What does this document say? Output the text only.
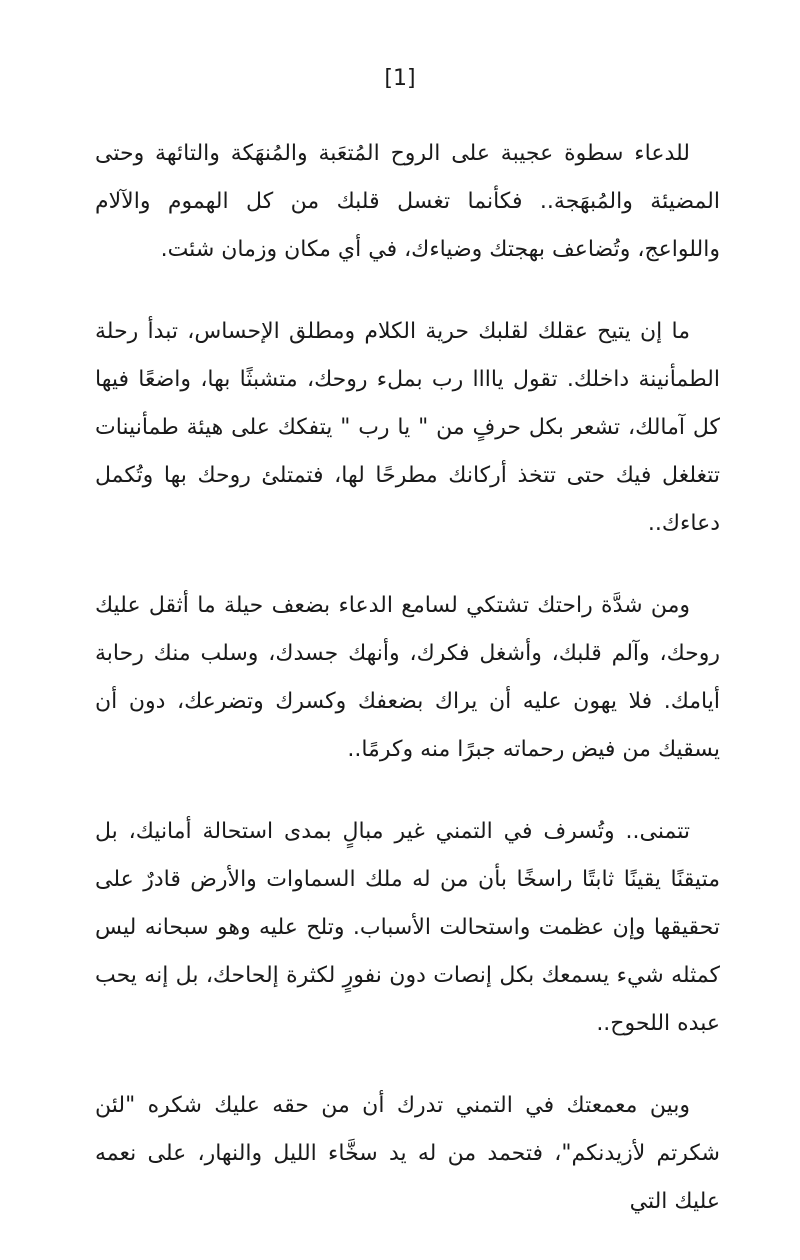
[1]

للدعاء سطوة عجيبة على الروح المُتعَبة والمُنهَكة والتائهة وحتى المضيئة والمُبهَجة.. فكأنما تغسل قلبك من كل الهموم والآلام واللواعج، وتُضاعف بهجتك وضياءك، في أي مكان وزمان شئت.

ما إن يتيح عقلك لقلبك حرية الكلام ومطلق الإحساس، تبدأ رحلة الطمأنينة داخلك. تقول ياااا رب بملء روحك، متشبثًا بها، واضعًا فيها كل آمالك، تشعر بكل حرفٍ من " يا رب " يتفكك على هيئة طمأنينات تتغلغل فيك حتى تتخذ أركانك مطرحًا لها، فتمتلئ روحك بها وتُكمل دعاءك..

ومن شدَّة راحتك تشتكي لسامع الدعاء بضعف حيلة ما أثقل عليك روحك، وآلم قلبك، وأشغل فكرك، وأنهك جسدك، وسلب منك رحابة أيامك. فلا يهون عليه أن يراك بضعفك وكسرك وتضرعك، دون أن يسقيك من فيض رحماته جبرًا منه وكرمًا..

تتمنى.. وتُسرف في التمني غير مبالٍ بمدى استحالة أمانيك، بل متيقنًا يقينًا ثابتًا راسخًا بأن من له ملك السماوات والأرض قادرٌ على تحقيقها وإن عظمت واستحالت الأسباب. وتلح عليه وهو سبحانه ليس كمثله شيء يسمعك بكل إنصات دون نفورٍ لكثرة إلحاحك، بل إنه يحب عبده اللحوح..

وبين معمعتك في التمني تدرك أن من حقه عليك شكره "لئن شكرتم لأزيدنكم"، فتحمد من له يد سخَّاء الليل والنهار، على نعمه عليك التي
